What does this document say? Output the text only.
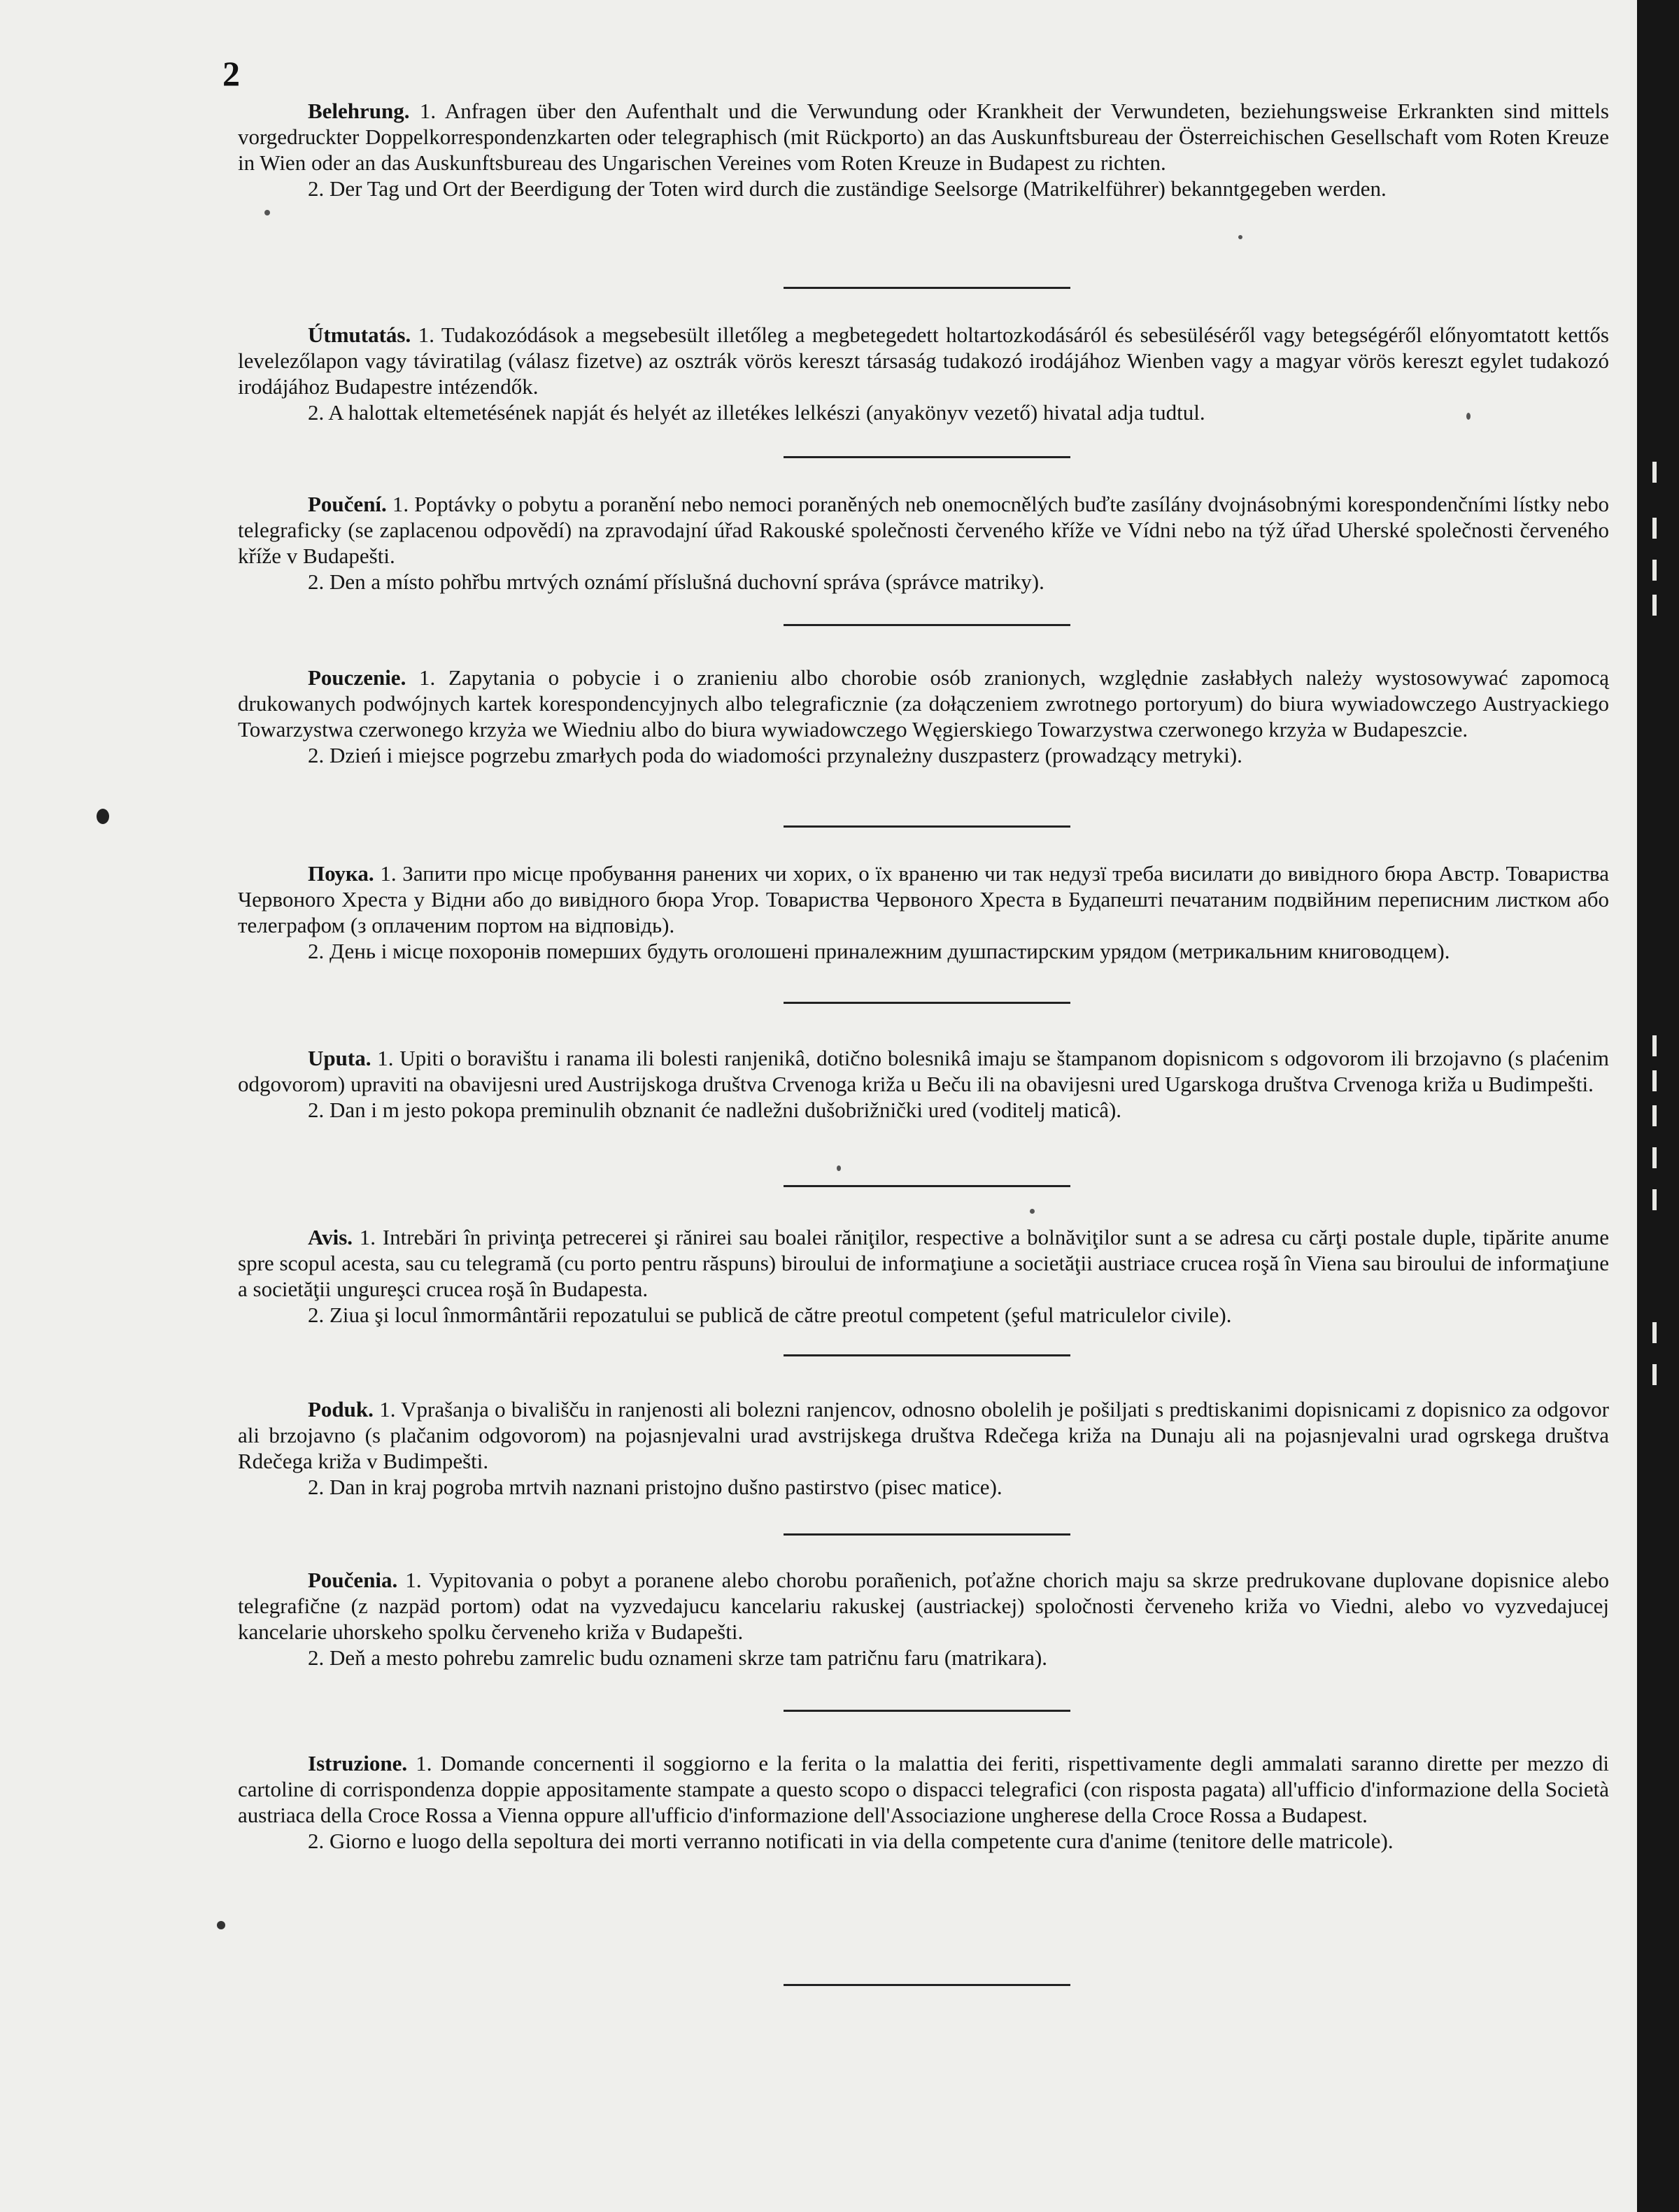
2

Belehrung. 1. Anfragen über den Aufenthalt und die Verwundung oder Krankheit der Verwundeten, beziehungsweise Erkrankten sind mittels vorgedruckter Doppelkorrespondenzkarten oder telegraphisch (mit Rückporto) an das Auskunftsbureau der Österreichischen Gesellschaft vom Roten Kreuze in Wien oder an das Auskunftsbureau des Ungarischen Vereines vom Roten Kreuze in Budapest zu richten.

2. Der Tag und Ort der Beerdigung der Toten wird durch die zuständige Seelsorge (Matrikelführer) bekanntgegeben werden.

Útmutatás. 1. Tudakozódások a megsebesült illetőleg a megbetegedett holtartozkodásáról és sebesüléséről vagy betegségéről előnyomtatott kettős levelezőlapon vagy táviratilag (válasz fizetve) az osztrák vörös kereszt társaság tudakozó irodájához Wienben vagy a magyar vörös kereszt egylet tudakozó irodájához Budapestre intézendők.

2. A halottak eltemetésének napját és helyét az illetékes lelkészi (anyakönyv vezető) hivatal adja tudtul.

Poučení. 1. Poptávky o pobytu a poranění nebo nemoci poraněných neb onemocnělých buďte zasílány dvojnásobnými korespondenčními lístky nebo telegraficky (se zaplacenou odpovědí) na zpravodajní úřad Rakouské společnosti červeného kříže ve Vídni nebo na týž úřad Uherské společnosti červeného kříže v Budapešti.

2. Den a místo pohřbu mrtvých oznámí příslušná duchovní správa (správce matriky).

Pouczenie. 1. Zapytania o pobycie i o zranieniu albo chorobie osób zranionych, względnie zasłabłych należy wystosowywać zapomocą drukowanych podwójnych kartek korespondencyjnych albo telegraficznie (za dołączeniem zwrotnego portoryum) do biura wywiadowczego Austryackiego Towarzystwa czerwonego krzyża we Wiedniu albo do biura wywiadowczego Węgierskiego Towarzystwa czerwonego krzyża w Budapeszcie.

2. Dzień i miejsce pogrzebu zmarłych poda do wiadomości przynależny duszpasterz (prowadzący metryki).

Поука. 1. Запити про місце пробування ранених чи хорих, о їх враненю чи так недузї треба висилати до вивідного бюра Австр. Товариства Червоного Хреста у Відни або до вивідного бюра Угор. Товариства Червоного Хреста в Будапешті печатаним подвійним переписним листком або телеграфом (з оплаченим портом на відповідь).

2. День і місце похоронів померших будуть оголошені приналежним душпастирским урядом (метрикальним книговодцем).

Uputa. 1. Upiti o boravištu i ranama ili bolesti ranjenikâ, dotično bolesnikâ imaju se štampanom dopisnicom s odgovorom ili brzojavno (s plaćenim odgovorom) upraviti na obavijesni ured Austrijskoga društva Crvenoga križa u Beču ili na obavijesni ured Ugarskoga društva Crvenoga križa u Budimpešti.

2. Dan i m jesto pokopa preminulih obznanit će nadležni dušobrižnički ured (voditelj maticâ).

Avis. 1. Intrebări în privinţa petrecerei şi rănirei sau boalei răniţilor, respective a bolnăviţilor sunt a se adresa cu cărţi postale duple, tipărite anume spre scopul acesta, sau cu telegramă (cu porto pentru răspuns) biroului de informaţiune a societăţii austriace crucea roşă în Viena sau biroului de informaţiune a societăţii ungureşci crucea roşă în Budapesta.

2. Ziua şi locul înmormântării repozatului se publică de către preotul competent (şeful matriculelor civile).

Poduk. 1. Vprašanja o bivališču in ranjenosti ali bolezni ranjencov, odnosno obolelih je pošiljati s predtiskanimi dopisnicami z dopisnico za odgovor ali brzojavno (s plačanim odgovorom) na pojasnjevalni urad avstrijskega društva Rdečega križa na Dunaju ali na pojasnjevalni urad ogrskega društva Rdečega križa v Budimpešti.

2. Dan in kraj pogroba mrtvih naznani pristojno dušno pastirstvo (pisec matice).

Poučenia. 1. Vypitovania o pobyt a poranene alebo chorobu porañenich, poťažne chorich maju sa skrze predrukovane duplovane dopisnice alebo telegrafične (z nazpäd portom) odat na vyzvedajucu kancelariu rakuskej (austriackej) spoločnosti červeneho križa vo Viedni, alebo vo vyzvedajucej kancelarie uhorskeho spolku červeneho križa v Budapešti.

2. Deň a mesto pohrebu zamrelic budu oznameni skrze tam patričnu faru (matrikara).

Istruzione. 1. Domande concernenti il soggiorno e la ferita o la malattia dei feriti, rispettivamente degli ammalati saranno dirette per mezzo di cartoline di corrispondenza doppie appositamente stampate a questo scopo o dispacci telegrafici (con risposta pagata) all'ufficio d'informazione della Società austriaca della Croce Rossa a Vienna oppure all'ufficio d'informazione dell'Associazione ungherese della Croce Rossa a Budapest.

2. Giorno e luogo della sepoltura dei morti verranno notificati in via della competente cura d'anime (tenitore delle matricole).
